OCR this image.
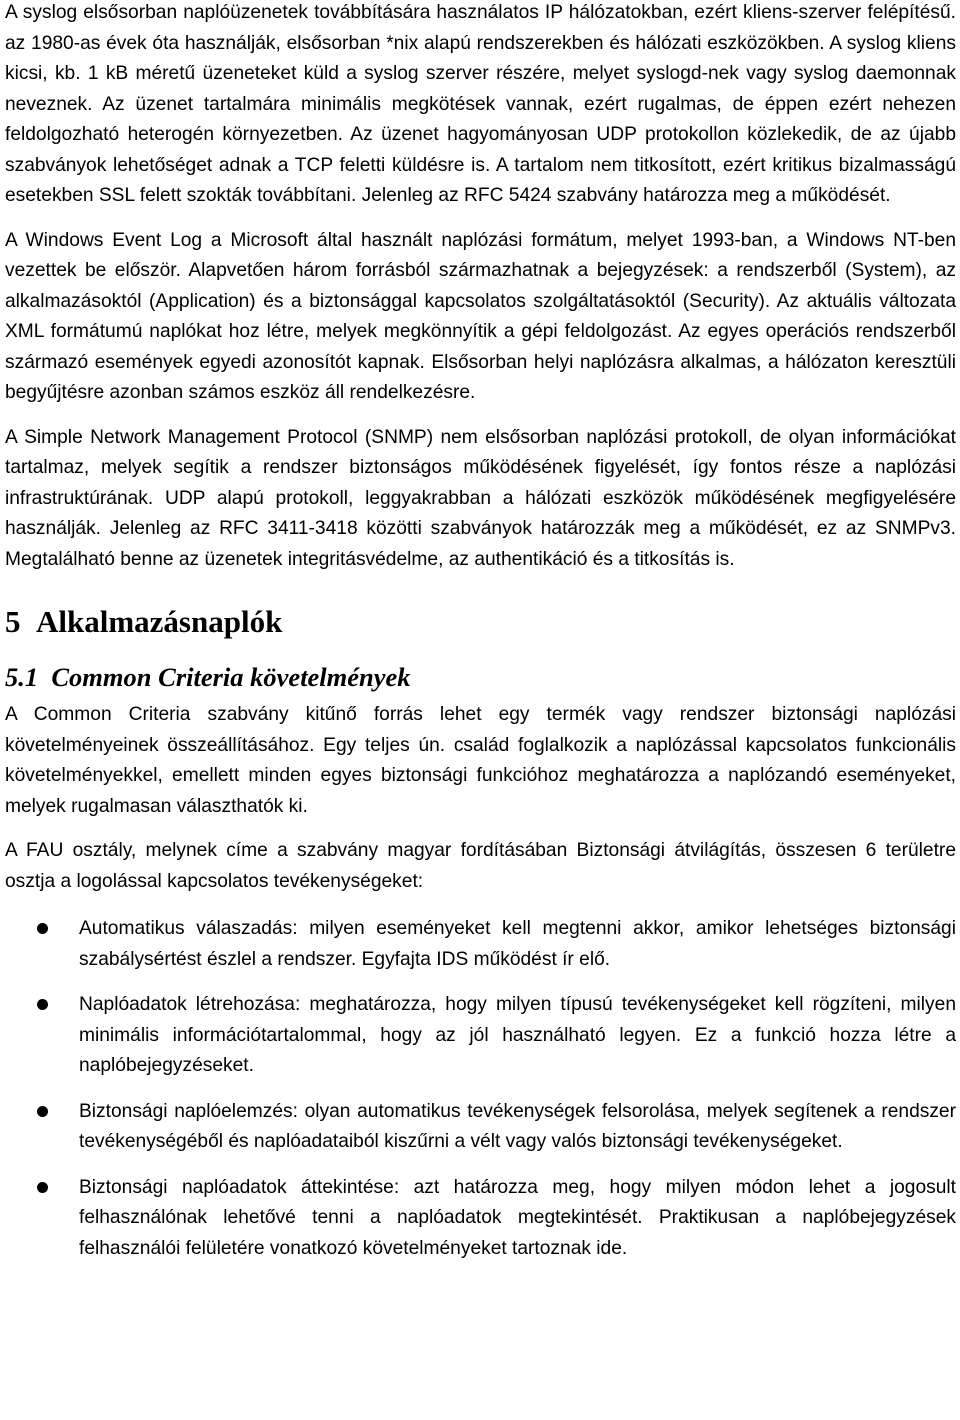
A syslog elsősorban naplóüzenetek továbbítására használatos IP hálózatokban, ezért kliens-szerver felépítésű. az 1980-as évek óta használják, elsősorban *nix alapú rendszerekben és hálózati eszközökben. A syslog kliens kicsi, kb. 1 kB méretű üzeneteket küld a syslog szerver részére, melyet syslogd-nek vagy syslog daemonnak neveznek. Az üzenet tartalmára minimális megkötések vannak, ezért rugalmas, de éppen ezért nehezen feldolgozható heterogén környezetben. Az üzenet hagyományosan UDP protokollon közlekedik, de az újabb szabványok lehetőséget adnak a TCP feletti küldésre is. A tartalom nem titkosított, ezért kritikus bizalmasságú esetekben SSL felett szokták továbbítani. Jelenleg az RFC 5424 szabvány határozza meg a működését.

A Windows Event Log a Microsoft által használt naplózási formátum, melyet 1993-ban, a Windows NT-ben vezettek be először. Alapvetően három forrásból származhatnak a bejegyzések: a rendszerből (System), az alkalmazásoktól (Application) és a biztonsággal kapcsolatos szolgáltatásoktól (Security). Az aktuális változata XML formátumú naplókat hoz létre, melyek megkönnyítik a gépi feldolgozást. Az egyes operációs rendszerből származó események egyedi azonosítót kapnak. Elsősorban helyi naplózásra alkalmas, a hálózaton keresztüli begyűjtésre azonban számos eszköz áll rendelkezésre.

A Simple Network Management Protocol (SNMP) nem elsősorban naplózási protokoll, de olyan információkat tartalmaz, melyek segítik a rendszer biztonságos működésének figyelését, így fontos része a naplózási infrastruktúrának. UDP alapú protokoll, leggyakrabban a hálózati eszközök működésének megfigyelésére használják. Jelenleg az RFC 3411-3418 közötti szabványok határozzák meg a működését, ez az SNMPv3. Megtalálható benne az üzenetek integritásvédelme, az authentikáció és a titkosítás is.

5 Alkalmazásnaplók
5.1 Common Criteria követelmények

A Common Criteria szabvány kitűnő forrás lehet egy termék vagy rendszer biztonsági naplózási követelményeinek összeállításához. Egy teljes ún. család foglalkozik a naplózással kapcsolatos funkcionális követelményekkel, emellett minden egyes biztonsági funkcióhoz meghatározza a naplózandó eseményeket, melyek rugalmasan választhatók ki.

A FAU osztály, melynek címe a szabvány magyar fordításában Biztonsági átvilágítás, összesen 6 területre osztja a logolással kapcsolatos tevékenységeket:

Automatikus válaszadás: milyen eseményeket kell megtenni akkor, amikor lehetséges biztonsági szabálysértést észlel a rendszer. Egyfajta IDS működést ír elő.

Naplóadatok létrehozása: meghatározza, hogy milyen típusú tevékenységeket kell rögzíteni, milyen minimális információtartalommal, hogy az jól használható legyen. Ez a funkció hozza létre a naplóbejegyzéseket.

Biztonsági naplóelemzés: olyan automatikus tevékenységek felsorolása, melyek segítenek a rendszer tevékenységéből és naplóadataiból kiszűrni a vélt vagy valós biztonsági tevékenységeket.

Biztonsági naplóadatok áttekintése: azt határozza meg, hogy milyen módon lehet a jogosult felhasználónak lehetővé tenni a naplóadatok megtekintését. Praktikusan a naplóbejegyzések felhasználói felületére vonatkozó követelményeket tartoznak ide.
